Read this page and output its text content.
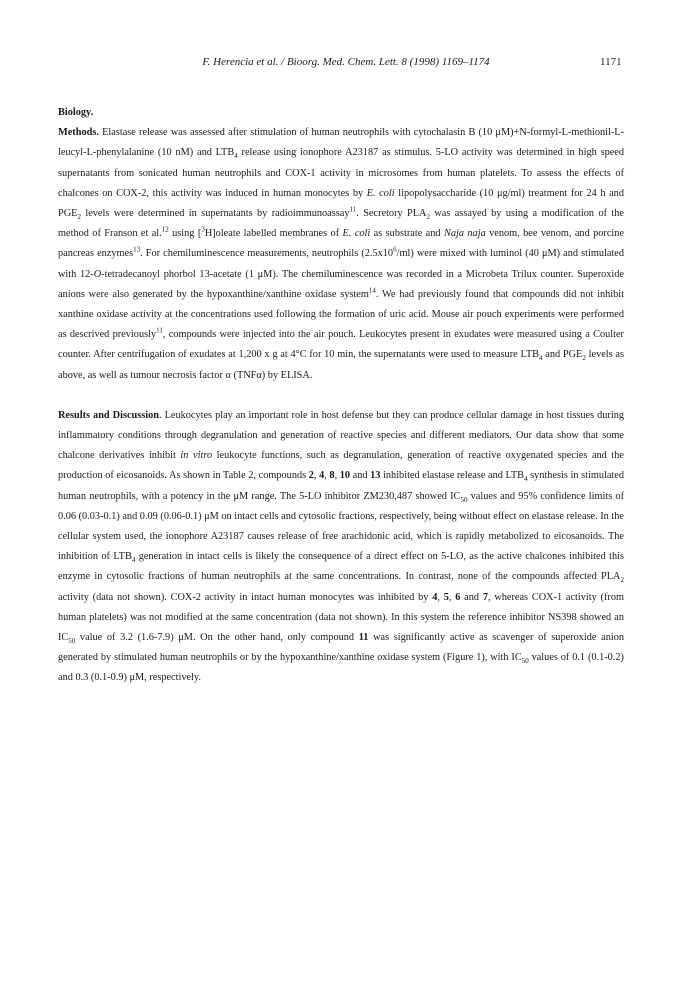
F. Herencia et al. / Bioorg. Med. Chem. Lett. 8 (1998) 1169–1174	1171

Biology.

Methods. Elastase release was assessed after stimulation of human neutrophils with cytochalasin B (10 μM)+N-formyl-L-methionil-L-leucyl-L-phenylalanine (10 nM) and $LTB_4$ release using ionophore A23187 as stimulus. 5-LO activity was determined in high speed supernatants from sonicated human neutrophils and COX-1 activity in microsomes from human platelets. To assess the effects of chalcones on COX-2, this activity was induced in human monocytes by E. coli lipopolysaccharide (10 μg/ml) treatment for 24 h and $PGE_2$ levels were determined in supernatants by radioimmunoassay$^{11}$. Secretory $PLA_2$ was assayed by using a modification of the method of Franson et al.$^{12}$ using [$^3$H]oleate labelled membranes of E. coli as substrate and Naja naja venom, bee venom, and porcine pancreas enzymes$^{13}$. For chemiluminescence measurements, neutrophils $(2.5x10^6/ml)$ were mixed with luminol (40 μM) and stimulated with 12-O-tetradecanoyl phorbol 13-acetate (1 μM). The chemiluminescence was recorded in a Microbeta Trilux counter. Superoxide anions were also generated by the hypoxanthine/xanthine oxidase system$^{14}$. We had previously found that compounds did not inhibit xanthine oxidase activity at the concentrations used following the formation of uric acid. Mouse air pouch experiments were performed as descrived previously$^{11}$, compounds were injected into the air pouch. Leukocytes present in exudates were measured using a Coulter counter. After centrifugation of exudates at 1,200 x g at 4°C for 10 min, the supernatants were used to measure $LTB_4$ and $PGE_2$ levels as above, as well as tumour necrosis factor α (TNFα) by ELISA.

Results and Discussion. Leukocytes play an important role in host defense but they can produce cellular damage in host tissues during inflammatory conditions through degranulation and generation of reactive species and different mediators. Our data show that some chalcone derivatives inhibit in vitro leukocyte functions, such as degranulation, generation of reactive oxygenated species and the production of eicosanoids. As shown in Table 2, compounds 2, 4, 8, 10 and 13 inhibited elastase release and $LTB_4$ synthesis in stimulated human neutrophils, with a potency in the μM range. The 5-LO inhibitor ZM230,487 showed $IC_{50}$ values and 95% confidence limits of 0.06 (0.03-0.1) and 0.09 (0.06-0.1) μM on intact cells and cytosolic fractions, respectively, being without effect on elastase release. In the cellular system used, the ionophore A23187 causes release of free arachidonic acid, which is rapidly metabolized to eicosanoids. The inhibition of $LTB_4$ generation in intact cells is likely the consequence of a direct effect on 5-LO, as the active chalcones inhibited this enzyme in cytosolic fractions of human neutrophils at the same concentrations. In contrast, none of the compounds affected $PLA_2$ activity (data not shown). COX-2 activity in intact human monocytes was inhibited by 4, 5, 6 and 7, whereas COX-1 activity (from human platelets) was not modified at the same concentration (data not shown). In this system the reference inhibitor NS398 showed an $IC_{50}$ value of 3.2 (1.6-7.9) μM. On the other hand, only compound 11 was significantly active as scavenger of superoxide anion generated by stimulated human neutrophils or by the hypoxanthine/xanthine oxidase system (Figure 1), with $IC_{50}$ values of 0.1 (0.1-0.2) and 0.3 (0.1-0.9) μM, respectively.
